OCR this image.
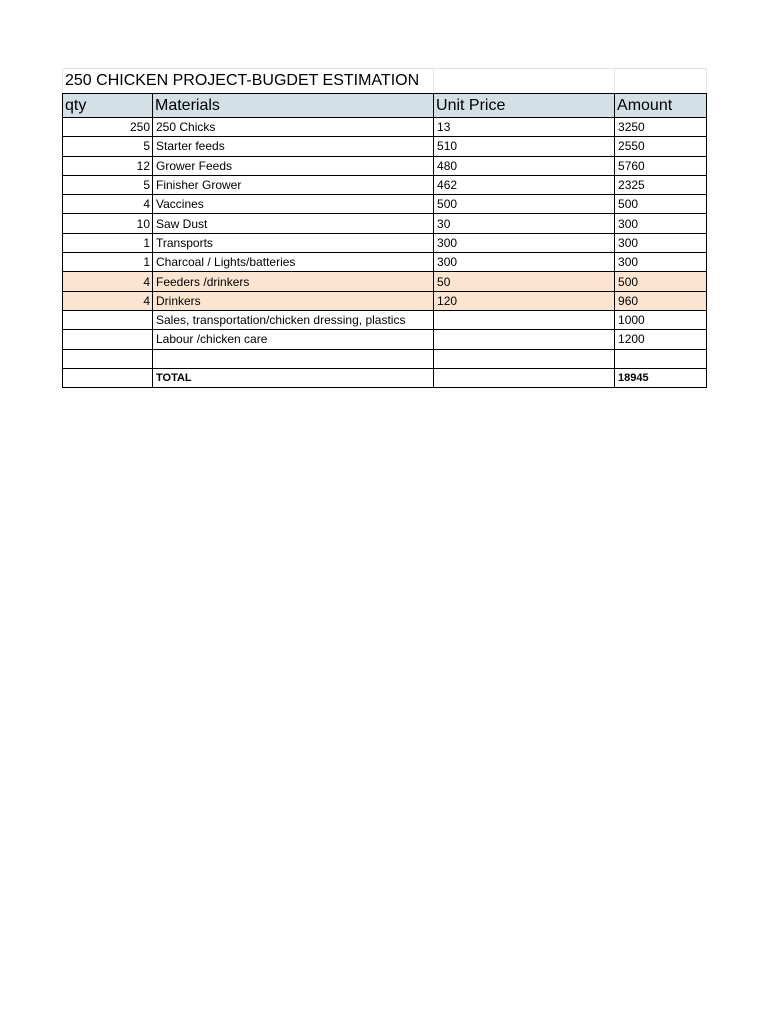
250 CHICKEN PROJECT-BUGDET ESTIMATION			
qty	Materials	Unit Price	Amount
250	250 Chicks	13	3250
5	Starter feeds	510	2550
12	Grower Feeds	480	5760
5	Finisher Grower	462	2325
4	Vaccines	500	500
10	Saw Dust	30	300
1	Transports	300	300
1	Charcoal / Lights/batteries	300	300
4	Feeders /drinkers	50	500
4	Drinkers	120	960
	Sales, transportation/chicken dressing, plastics		1000
	Labour /chicken care		1200

	TOTAL		18945
